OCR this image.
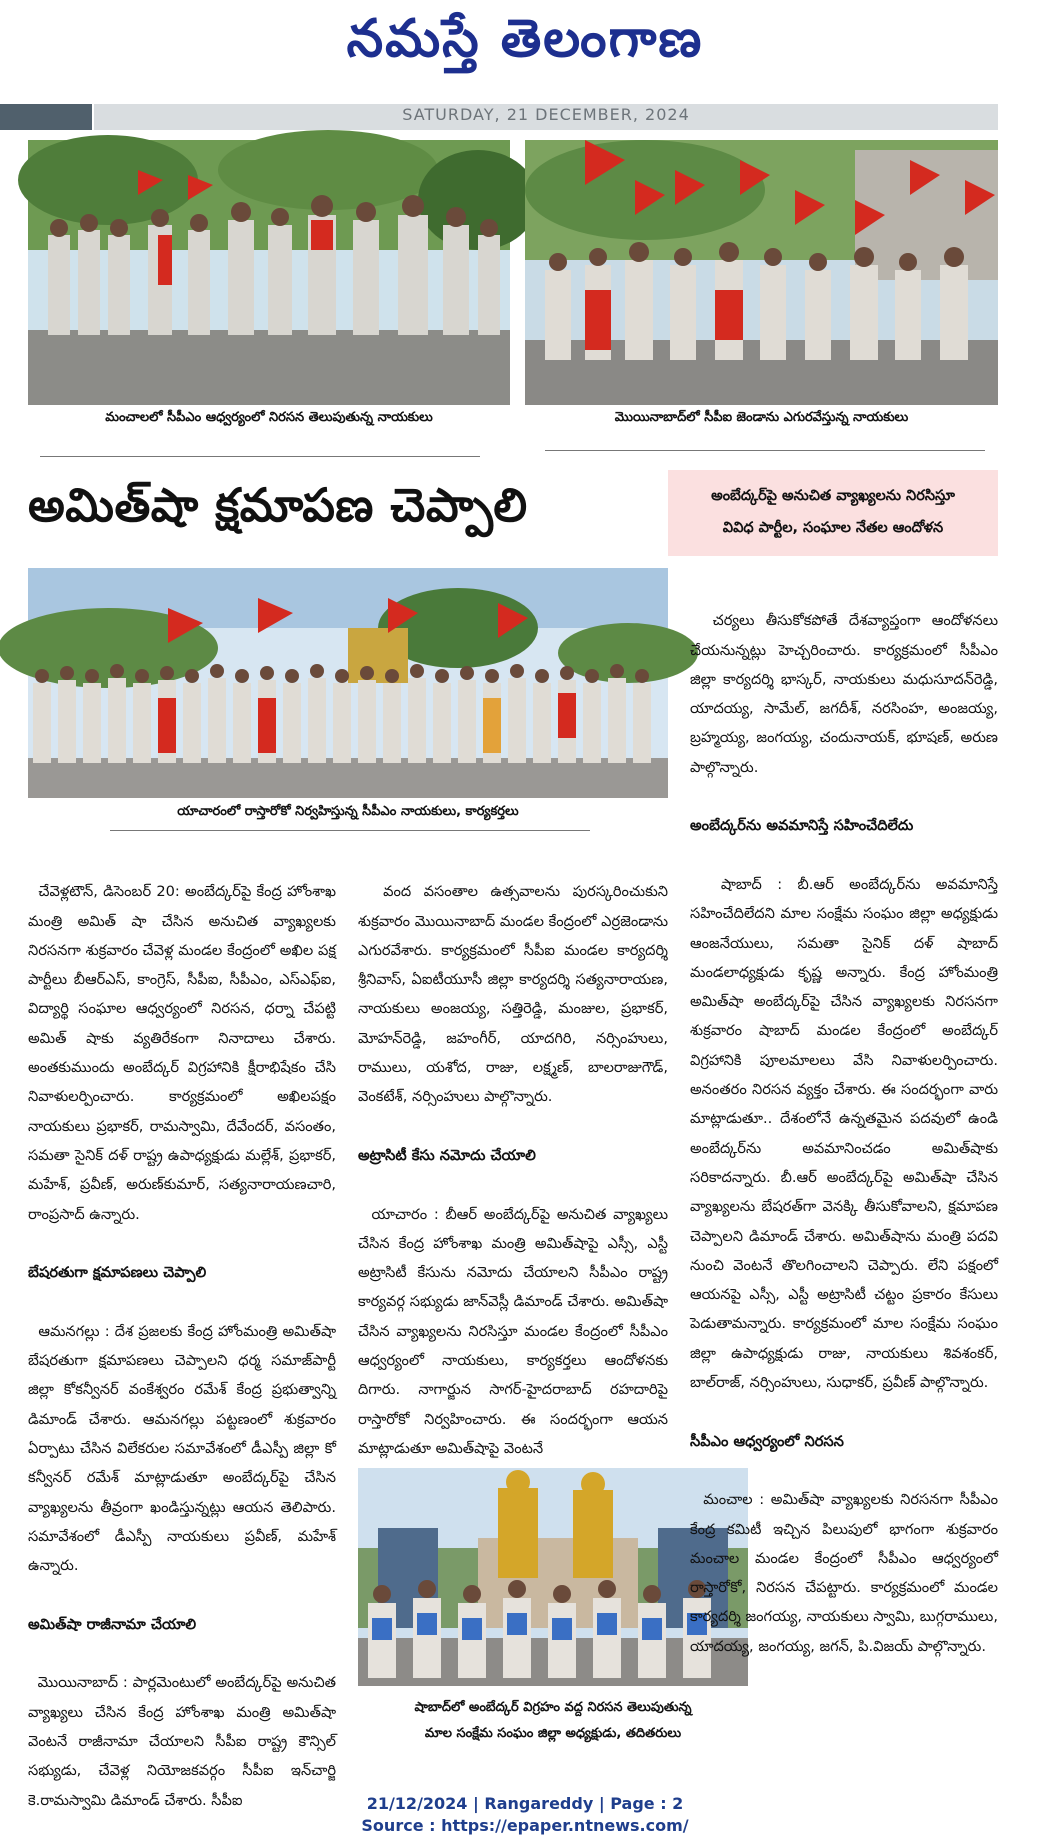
నమస్తే తెలంగాణ
SATURDAY, 21 DECEMBER, 2024
మంచాలలో సీపీఎం ఆధ్వర్యంలో నిరసన తెలుపుతున్న నాయకులు	మొయినాబాద్‌లో సీపీఐ జెండాను ఎగురవేస్తున్న నాయకులు
అమిత్‌షా క్షమాపణ చెప్పాలి	అంబేద్కర్‌పై అనుచిత వ్యాఖ్యలను నిరసిస్తూ
వివిధ పార్టీల, సంఘాల నేతల ఆందోళన
యాచారంలో రాస్తారోకో నిర్వహిస్తున్న సీపీఎం నాయకులు, కార్యకర్తలు

చేవెళ్లటౌన్‌, డిసెంబర్‌ 20: అంబేద్కర్‌పై కేంద్ర హోంశాఖ మంత్రి అమిత్‌ షా చేసిన అనుచిత వ్యాఖ్యలకు నిరసనగా శుక్రవారం చేవెళ్ల మండల కేంద్రంలో అఖిల పక్ష పార్టీలు బీఆర్‌ఎస్‌, కాంగ్రెస్‌, సీపీఐ, సీపీఎం, ఎస్‌ఎఫ్‌ఐ, విద్యార్థి సంఘాల ఆధ్వర్యంలో నిరసన, ధర్నా చేపట్టి అమిత్‌ షాకు వ్యతిరేకంగా నినాదాలు చేశారు. అంతకుముందు అంబేద్కర్‌ విగ్రహానికి క్షీరాభిషేకం చేసి నివాళులర్పించారు. కార్యక్రమంలో అఖిలపక్షం నాయకులు ప్రభాకర్‌, రామస్వామి, దేవేందర్‌, వసంతం, సమతా సైనిక్‌ దళ్‌ రాష్ట్ర ఉపాధ్యక్షుడు మల్లేశ్‌, ప్రభాకర్‌, మహేశ్‌, ప్రవీణ్‌, అరుణ్‌కుమార్‌, సత్యనారాయణచారి, రాంప్రసాద్‌ ఉన్నారు.

బేషరతుగా క్షమాపణలు చెప్పాలి

ఆమనగల్లు : దేశ ప్రజలకు కేంద్ర హోంమంత్రి అమిత్‌షా బేషరతుగా క్షమాపణలు చెప్పాలని ధర్మ సమాజ్‌పార్టీ జిల్లా కోకన్వీనర్‌ వంకేశ్వరం రమేశ్‌ కేంద్ర ప్రభుత్వాన్ని డిమాండ్‌ చేశారు. ఆమనగల్లు పట్టణంలో శుక్రవారం ఏర్పాటు చేసిన విలేకరుల సమావేశంలో డీఎస్పీ జిల్లా కో కన్వీనర్‌ రమేశ్‌ మాట్లాడుతూ అంబేద్కర్‌పై చేసిన వ్యాఖ్యలను తీవ్రంగా ఖండిస్తున్నట్లు ఆయన తెలిపారు. సమావేశంలో డీఎస్పీ నాయకులు ప్రవీణ్‌, మహేశ్‌ ఉన్నారు.

అమిత్‌షా రాజీనామా చేయాలి

మొయినాబాద్‌ : పార్లమెంటులో అంబేద్కర్‌పై అనుచిత వ్యాఖ్యలు చేసిన కేంద్ర హోంశాఖ మంత్రి అమిత్‌షా వెంటనే రాజీనామా చేయాలని సీపీఐ రాష్ట్ర కౌన్సిల్‌ సభ్యుడు, చేవెళ్ల నియోజకవర్గం సీపీఐ ఇన్‌చార్జి కె.రామస్వామి డిమాండ్‌ చేశారు. సీపీఐ

వంద వసంతాల ఉత్సవాలను పురస్కరించుకుని శుక్రవారం మొయినాబాద్‌ మండల కేంద్రంలో ఎర్రజెండాను ఎగురవేశారు. కార్యక్రమంలో సీపీఐ మండల కార్యదర్శి శ్రీనివాస్‌, ఏఐటీయూసీ జిల్లా కార్యదర్శి సత్యనారాయణ, నాయకులు అంజయ్య, సత్తిరెడ్డి, మంజుల, ప్రభాకర్‌, మోహన్‌రెడ్డి, జహంగీర్‌, యాదగిరి, నర్సింహులు, రాములు, యశోద, రాజు, లక్ష్మణ్‌, బాలరాజుగౌడ్‌, వెంకటేశ్‌, నర్సింహులు పాల్గొన్నారు.

అట్రాసిటీ కేసు నమోదు చేయాలి

యాచారం : బీఆర్‌ అంబేద్కర్‌పై అనుచిత వ్యాఖ్యలు చేసిన కేంద్ర హోంశాఖ మంత్రి అమిత్‌షాపై ఎస్సీ, ఎస్టీ అట్రాసిటీ కేసును నమోదు చేయాలని సీపీఎం రాష్ట్ర కార్యవర్గ సభ్యుడు జాన్‌వెస్లీ డిమాండ్‌ చేశారు. అమిత్‌షా చేసిన వ్యాఖ్యలను నిరసిస్తూ మండల కేంద్రంలో సీపీఎం ఆధ్వర్యంలో నాయకులు, కార్యకర్తలు ఆందోళనకు దిగారు. నాగార్జున సాగర్‌-హైదరాబాద్‌ రహదారిపై రాస్తారోకో నిర్వహించారు. ఈ సందర్భంగా ఆయన మాట్లాడుతూ అమిత్‌షాపై వెంటనే

షాబాద్‌లో అంబేద్కర్‌ విగ్రహం వద్ద నిరసన తెలుపుతున్న
మాల సంక్షేమ సంఘం జిల్లా అధ్యక్షుడు, తదితరులు

చర్యలు తీసుకోకపోతే దేశవ్యాప్తంగా ఆందోళనలు చేయనున్నట్లు హెచ్చరించారు. కార్యక్రమంలో సీపీఎం జిల్లా కార్యదర్శి భాస్కర్‌, నాయకులు మధుసూదన్‌రెడ్డి, యాదయ్య, సామేల్‌, జగదీశ్‌, నరసింహ, అంజయ్య, బ్రహ్మయ్య, జంగయ్య, చందునాయక్‌, భూషణ్‌, అరుణ పాల్గొన్నారు.

అంబేద్కర్‌ను అవమానిస్తే సహించేదిలేదు

షాబాద్‌ : బీ.ఆర్‌ అంబేద్కర్‌ను అవమానిస్తే సహించేదిలేదని మాల సంక్షేమ సంఘం జిల్లా అధ్యక్షుడు ఆంజనేయులు, సమతా సైనిక్‌ దళ్‌ షాబాద్‌ మండలాధ్యక్షుడు కృష్ణ అన్నారు. కేంద్ర హోంమంత్రి అమిత్‌షా అంబేద్కర్‌పై చేసిన వ్యాఖ్యలకు నిరసనగా శుక్రవారం షాబాద్‌ మండల కేంద్రంలో అంబేద్కర్‌ విగ్రహానికి పూలమాలలు వేసి నివాళులర్పించారు. అనంతరం నిరసన వ్యక్తం చేశారు. ఈ సందర్భంగా వారు మాట్లాడుతూ.. దేశంలోనే ఉన్నతమైన పదవులో ఉండి అంబేద్కర్‌ను అవమానించడం అమిత్‌షాకు సరికాదన్నారు. బీ.ఆర్‌ అంబేద్కర్‌పై అమిత్‌షా చేసిన వ్యాఖ్యలను బేషరత్‌గా వెనక్కి తీసుకోవాలని, క్షమాపణ చెప్పాలని డిమాండ్‌ చేశారు. అమిత్‌షాను మంత్రి పదవి నుంచి వెంటనే తొలగించాలని చెప్పారు. లేని పక్షంలో ఆయనపై ఎస్సీ, ఎస్టీ అట్రాసిటీ చట్టం ప్రకారం కేసులు పెడుతామన్నారు. కార్యక్రమంలో మాల సంక్షేమ సంఘం జిల్లా ఉపాధ్యక్షుడు రాజు, నాయకులు శివశంకర్‌, బాల్‌రాజ్‌, నర్సింహులు, సుధాకర్‌, ప్రవీణ్‌ పాల్గొన్నారు.

సీపీఎం ఆధ్వర్యంలో నిరసన

మంచాల : అమిత్‌షా వ్యాఖ్యలకు నిరసనగా సీపీఎం కేంద్ర కమిటీ ఇచ్చిన పిలుపులో భాగంగా శుక్రవారం మంచాల మండల కేంద్రంలో సీపీఎం ఆధ్వర్యంలో రాస్తారోకో, నిరసన చేపట్టారు. కార్యక్రమంలో మండల కార్యదర్శి జంగయ్య, నాయకులు స్వామి, బుగ్గరాములు, యాదయ్య, జంగయ్య, జగన్‌, పి.విజయ్‌ పాల్గొన్నారు.

21/12/2024 | Rangareddy | Page : 2
Source : https://epaper.ntnews.com/
